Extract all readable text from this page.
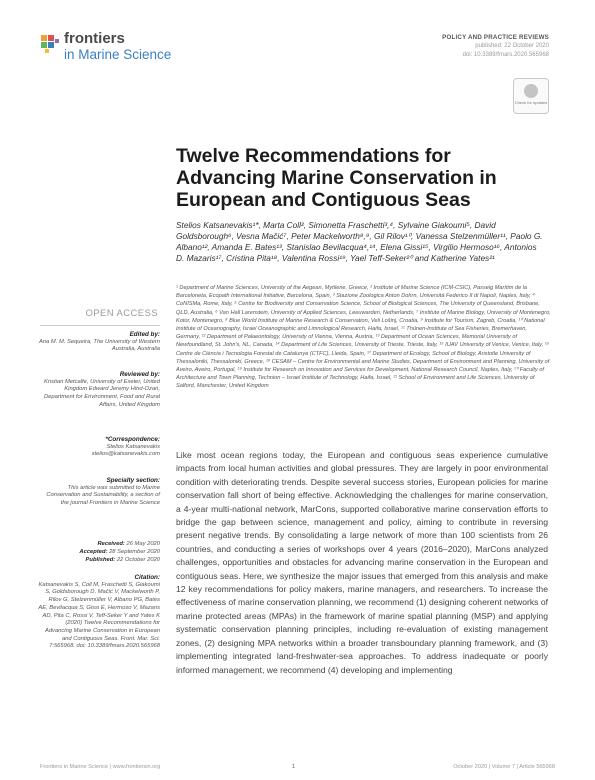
frontiers
in Marine Science
POLICY AND PRACTICE REVIEWS
published: 22 October 2020
doi: 10.3389/fmars.2020.565968
Check for updates
Twelve Recommendations for Advancing Marine Conservation in European and Contiguous Seas
Stelios Katsanevakis¹*, Marta Coll², Simonetta Fraschetti³,⁴, Sylvaine Giakoumi⁵, David Goldsborough⁶, Vesna Mačić⁷, Peter Mackelworth⁸,⁹, Gil Rilov¹⁰, Vanessa Stelzenmüller¹¹, Paolo G. Albano¹², Amanda E. Bates¹³, Stanislao Bevilacqua⁴,¹⁴, Elena Gissi¹⁵, Virgilio Hermoso¹⁶, Antonios D. Mazaris¹⁷, Cristina Pita¹⁸, Valentina Rossi¹⁹, Yael Teff-Seker²⁰ and Katherine Yates²¹
¹ Department of Marine Sciences, University of the Aegean, Mytilene, Greece, ² Institute of Marine Science (ICM-CSIC), Passeig Marítim de la Barceloneta, Ecopath International Initiative, Barcelona, Spain, ³ Stazione Zoologica Anton Dohrn, Università Federico II di Napoli, Naples, Italy, ⁴ CoNISMa, Rome, Italy, ⁵ Centre for Biodiversity and Conservation Science, School of Biological Sciences, The University of Queensland, Brisbane, QLD, Australia, ⁶ Van Hall Larenstein, University of Applied Sciences, Leeuwarden, Netherlands, ⁷ Institute of Marine Biology, University of Montenegro, Kotor, Montenegro, ⁸ Blue World Institute of Marine Research & Conservation, Veli Lošinj, Croatia, ⁹ Institute for Tourism, Zagreb, Croatia, ¹⁰ National Institute of Oceanography, Israel Oceanographic and Limnological Research, Haifa, Israel, ¹¹ Thünen-Institute of Sea Fisheries, Bremerhaven, Germany, ¹² Department of Palaeontology, University of Vienna, Vienna, Austria, ¹³ Department of Ocean Sciences, Memorial University of Newfoundland, St. John's, NL, Canada, ¹⁴ Department of Life Sciences, University of Trieste, Trieste, Italy, ¹⁵ IUAV University of Venice, Venice, Italy, ¹⁶ Centre de Ciència i Tecnologia Forestal de Catalunya (CTFC), Lleida, Spain, ¹⁷ Department of Ecology, School of Biology, Aristotle University of Thessaloniki, Thessaloniki, Greece, ¹⁸ CESAM – Centre for Environmental and Marine Studies, Department of Environment and Planning, University of Aveiro, Aveiro, Portugal, ¹⁹ Institute for Research on Innovation and Services for Development, National Research Council, Naples, Italy, ²⁰ Faculty of Architecture and Town Planning, Technion – Israel Institute of Technology, Haifa, Israel, ²¹ School of Environment and Life Sciences, University of Salford, Manchester, United Kingdom
OPEN ACCESS
Edited by:
Ana M. M. Sequeira, The University of Western Australia, Australia
Reviewed by:
Kristian Metcalfe, University of Exeter, United Kingdom Edward Jeremy Hind-Ozan, Department for Environment, Food and Rural Affairs, United Kingdom
*Correspondence:
Stelios Katsanevakis stelios@katsanevakis.com
Specialty section:
This article was submitted to Marine Conservation and Sustainability, a section of the journal Frontiers in Marine Science
Received: 26 May 2020
Accepted: 28 September 2020
Published: 22 October 2020
Citation:
Katsanevakis S, Coll M, Fraschetti S, Giakoumi S, Goldsborough D, Mačić V, Mackelworth P, Rilov G, Stelzenmüller V, Albano PG, Bates AE, Bevilacqua S, Gissi E, Hermoso V, Mazaris AD, Pita C, Rossi V, Teff-Seker Y and Yates K (2020) Twelve Recommendations for Advancing Marine Conservation in European and Contiguous Seas. Front. Mar. Sci. 7:565968. doi: 10.3389/fmars.2020.565968
Like most ocean regions today, the European and contiguous seas experience cumulative impacts from local human activities and global pressures. They are largely in poor environmental condition with deteriorating trends. Despite several success stories, European policies for marine conservation fall short of being effective. Acknowledging the challenges for marine conservation, a 4-year multi-national network, MarCons, supported collaborative marine conservation efforts to bridge the gap between science, management and policy, aiming to contribute in reversing present negative trends. By consolidating a large network of more than 100 scientists from 26 countries, and conducting a series of workshops over 4 years (2016–2020), MarCons analyzed challenges, opportunities and obstacles for advancing marine conservation in the European and contiguous seas. Here, we synthesize the major issues that emerged from this analysis and make 12 key recommendations for policy makers, marine managers, and researchers. To increase the effectiveness of marine conservation planning, we recommend (1) designing coherent networks of marine protected areas (MPAs) in the framework of marine spatial planning (MSP) and applying systematic conservation planning principles, including re-evaluation of existing management zones, (2) designing MPA networks within a broader transboundary planning framework, and (3) implementing integrated land-freshwater-sea approaches. To address inadequate or poorly informed management, we recommend (4) developing and implementing
Frontiers in Marine Science | www.frontiersin.org	1	October 2020 | Volume 7 | Article 565968
